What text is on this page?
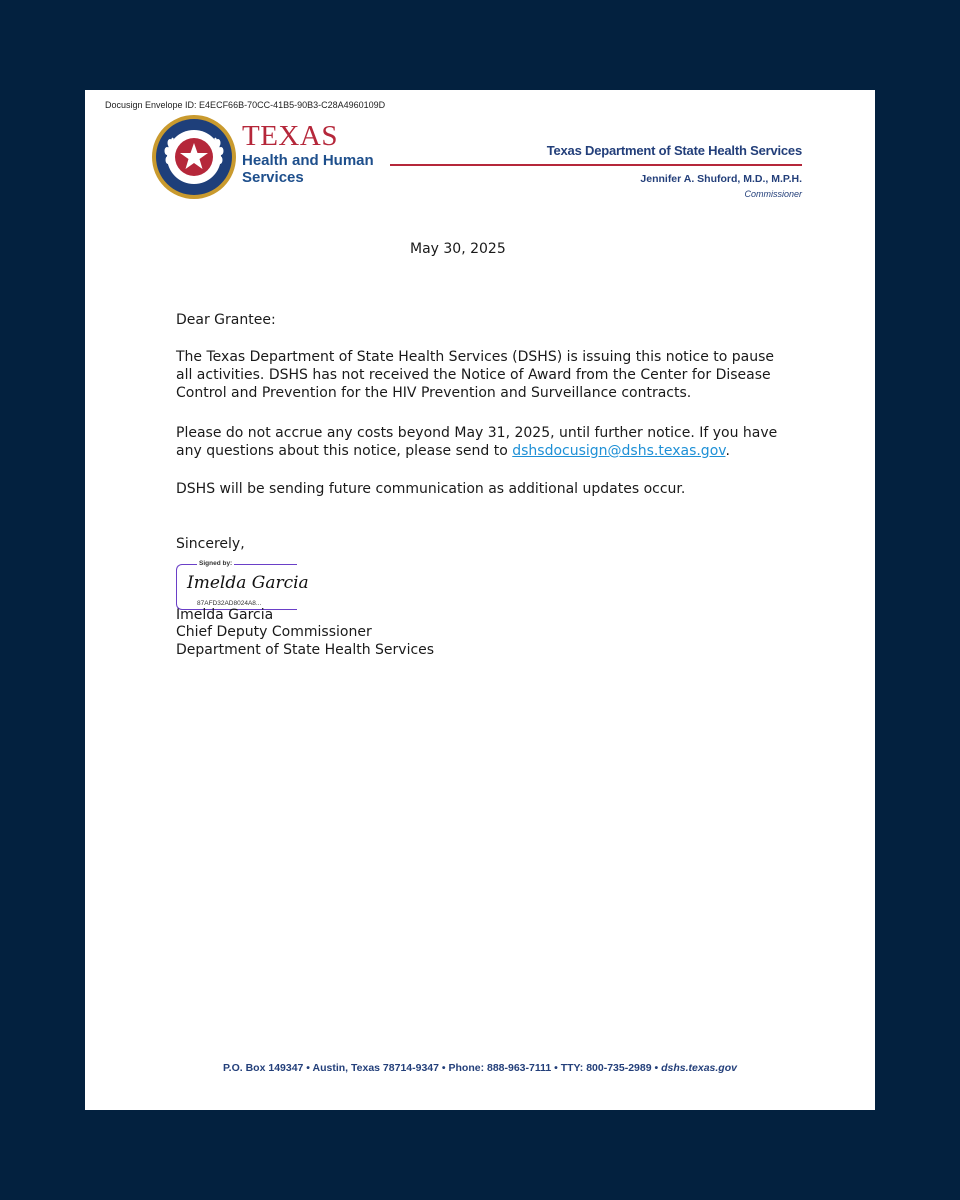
Docusign Envelope ID: E4ECF66B-70CC-41B5-90B3-C28A4960109D
TEXAS
Health and Human
Services
Texas Department of State Health Services
Jennifer A. Shuford, M.D., M.P.H.
Commissioner
May 30, 2025
Dear Grantee:
The Texas Department of State Health Services (DSHS) is issuing this notice to pause
all activities. DSHS has not received the Notice of Award from the Center for Disease
Control and Prevention for the HIV Prevention and Surveillance contracts.
Please do not accrue any costs beyond May 31, 2025, until further notice. If you have
any questions about this notice, please send to dshsdocusign@dshs.texas.gov.
DSHS will be sending future communication as additional updates occur.
Sincerely,
Signed by:
Imelda Garcia
87AFD32AD8024A8...
Imelda Garcia
Chief Deputy Commissioner
Department of State Health Services
P.O. Box 149347 • Austin, Texas 78714-9347 • Phone: 888-963-7111 • TTY: 800-735-2989 • dshs.texas.gov
